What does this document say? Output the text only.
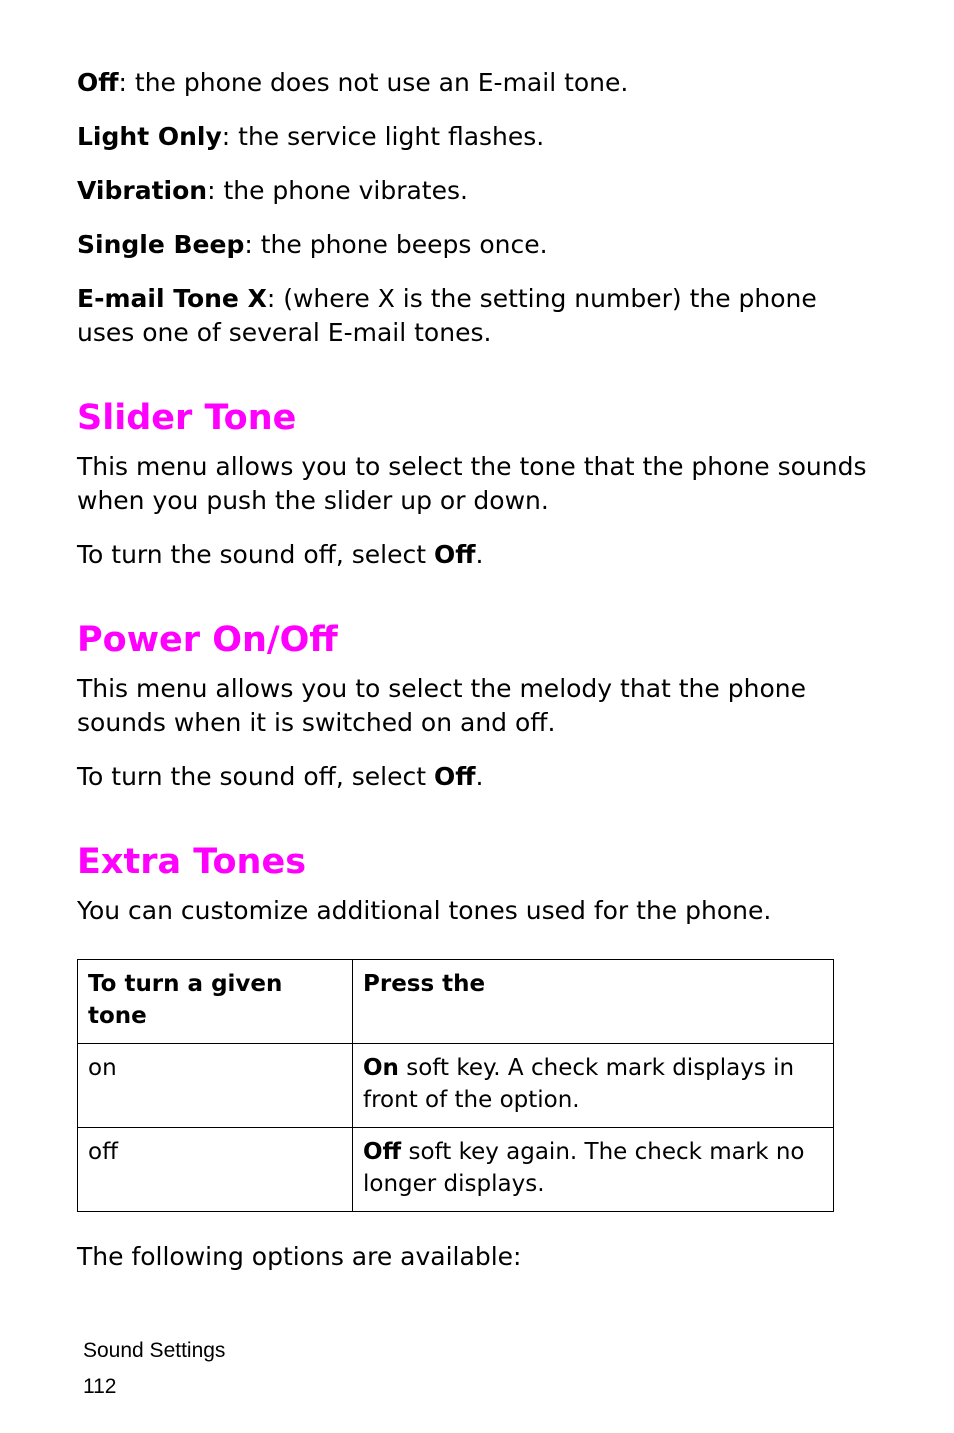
Off: the phone does not use an E-mail tone.

Light Only: the service light flashes.

Vibration: the phone vibrates.

Single Beep: the phone beeps once.

E-mail Tone X: (where X is the setting number) the phone uses one of several E-mail tones.

Slider Tone

This menu allows you to select the tone that the phone sounds when you push the slider up or down.

To turn the sound off, select Off.

Power On/Off

This menu allows you to select the melody that the phone sounds when it is switched on and off.

To turn the sound off, select Off.

Extra Tones

You can customize additional tones used for the phone.

To turn a given tone	Press the
on	On soft key. A check mark displays in front of the option.
off	Off soft key again. The check mark no longer displays.

The following options are available:

Sound Settings
112
